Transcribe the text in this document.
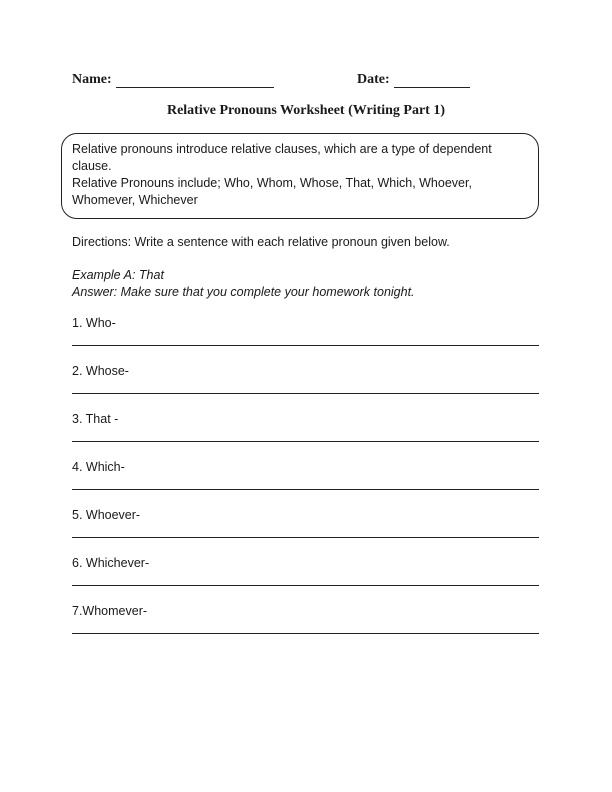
Name:	Date:
Relative Pronouns Worksheet (Writing Part 1)

Relative pronouns introduce relative clauses, which are a type of dependent clause.

Relative Pronouns include; Who, Whom, Whose, That, Which, Whoever, Whomever, Whichever

Directions: Write a sentence with each relative pronoun given below.

Example A: That

Answer: Make sure that you complete your homework tonight.

1. Who-
2. Whose-
3. That -
4. Which-
5. Whoever-
6. Whichever-
7.Whomever-
